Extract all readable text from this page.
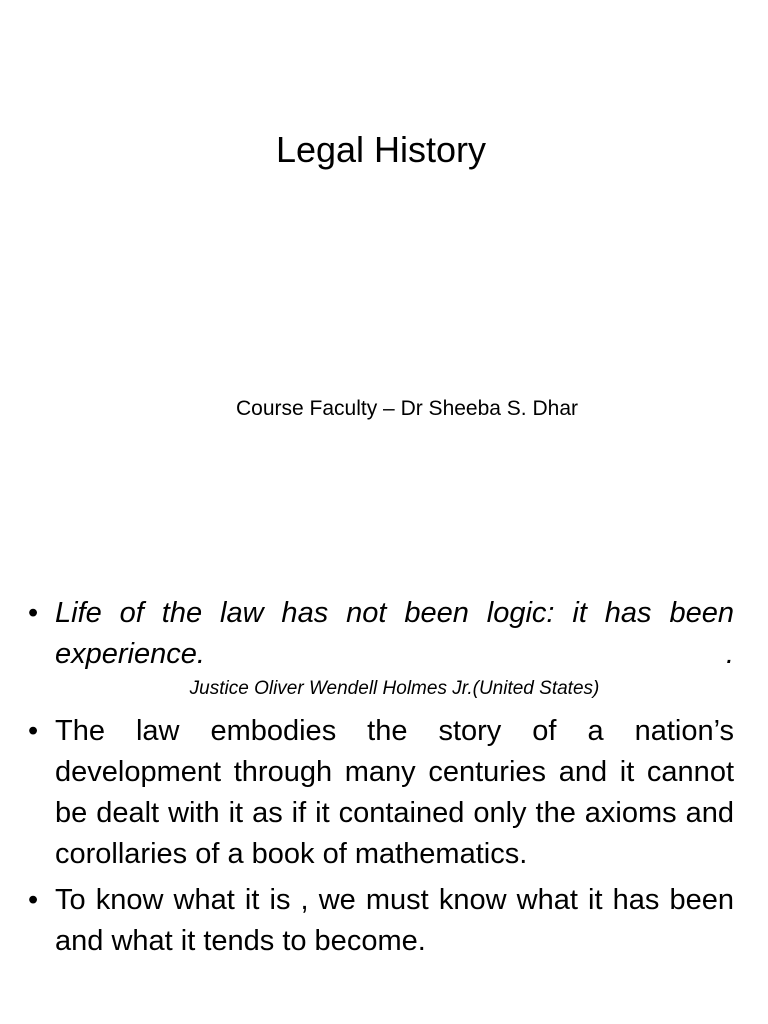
Legal History
Course Faculty – Dr Sheeba S. Dhar
• Life of the law has not been logic: it has been
experience.	.
Justice Oliver Wendell Holmes Jr.(United States)
• The law embodies the story of a nation’s development through many centuries and it cannot be dealt with it as if it contained only the axioms and corollaries of a book of mathematics.
• To know what it is , we must know what it has been and what it tends to become.
